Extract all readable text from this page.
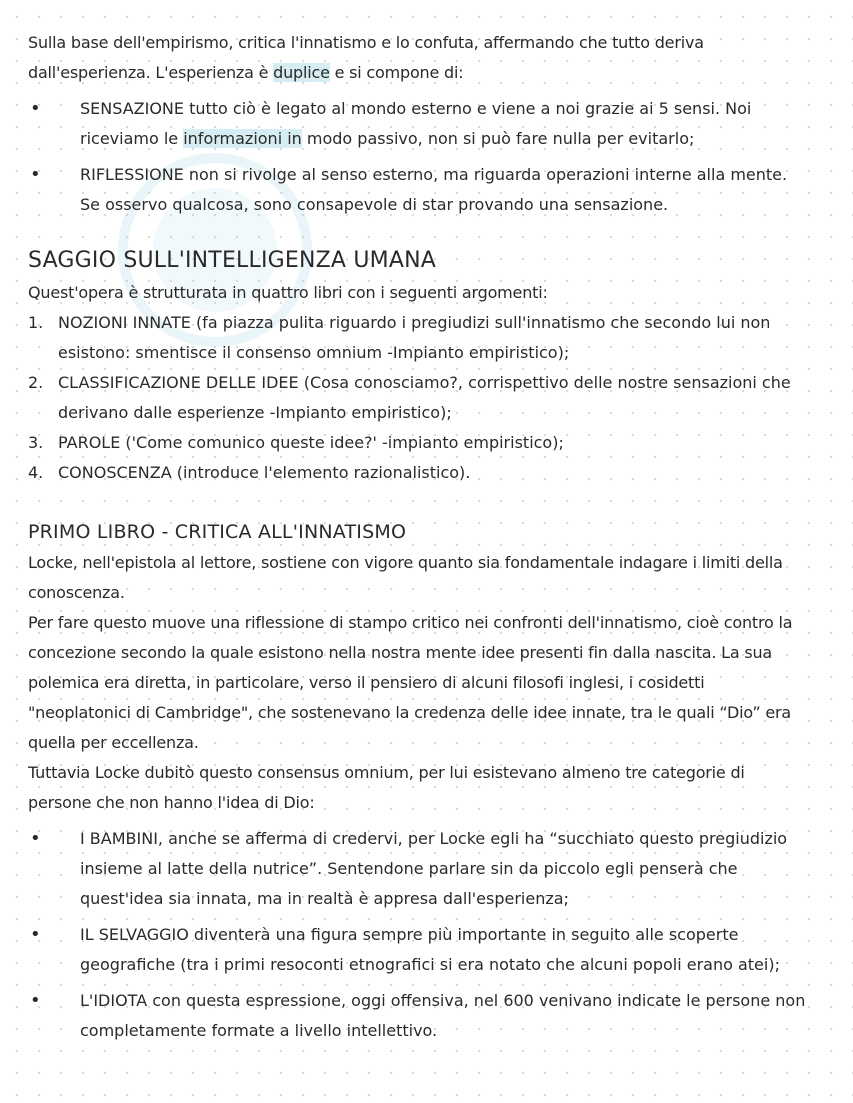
Sulla base dell'empirismo, critica l'innatismo e lo confuta, affermando che tutto deriva dall'esperienza. L'esperienza è duplice e si compone di:

• SENSAZIONE tutto ciò è legato al mondo esterno e viene a noi grazie ai 5 sensi. Noi riceviamo le informazioni in modo passivo, non si può fare nulla per evitarlo;
• RIFLESSIONE non si rivolge al senso esterno, ma riguarda operazioni interne alla mente. Se osservo qualcosa, sono consapevole di star provando una sensazione.
SAGGIO SULL'INTELLIGENZA UMANA

Quest'opera è strutturata in quattro libri con i seguenti argomenti:

1. NOZIONI INNATE (fa piazza pulita riguardo i pregiudizi sull'innatismo che secondo lui non esistono: smentisce il consenso omnium -Impianto empiristico);
2. CLASSIFICAZIONE DELLE IDEE (Cosa conosciamo?, corrispettivo delle nostre sensazioni che derivano dalle esperienze -Impianto empiristico);
3. PAROLE ('Come comunico queste idee?' -impianto empiristico);
4. CONOSCENZA (introduce l'elemento razionalistico).
PRIMO LIBRO - CRITICA ALL'INNATISMO

Locke, nell'epistola al lettore, sostiene con vigore quanto sia fondamentale indagare i limiti della conoscenza.

Per fare questo muove una riflessione di stampo critico nei confronti dell'innatismo, cioè contro la concezione secondo la quale esistono nella nostra mente idee presenti fin dalla nascita. La sua polemica era diretta, in particolare, verso il pensiero di alcuni filosofi inglesi, i cosidetti "neoplatonici di Cambridge", che sostenevano la credenza delle idee innate, tra le quali “Dio” era quella per eccellenza.

Tuttavia Locke dubitò questo consensus omnium, per lui esistevano almeno tre categorie di persone che non hanno l'idea di Dio:

• I BAMBINI, anche se afferma di credervi, per Locke egli ha “succhiato questo pregiudizio insieme al latte della nutrice”. Sentendone parlare sin da piccolo egli penserà che quest'idea sia innata, ma in realtà è appresa dall'esperienza;
• IL SELVAGGIO diventerà una figura sempre più importante in seguito alle scoperte geografiche (tra i primi resoconti etnografici si era notato che alcuni popoli erano atei);
• L'IDIOTA con questa espressione, oggi offensiva, nel 600 venivano indicate le persone non completamente formate a livello intellettivo.
